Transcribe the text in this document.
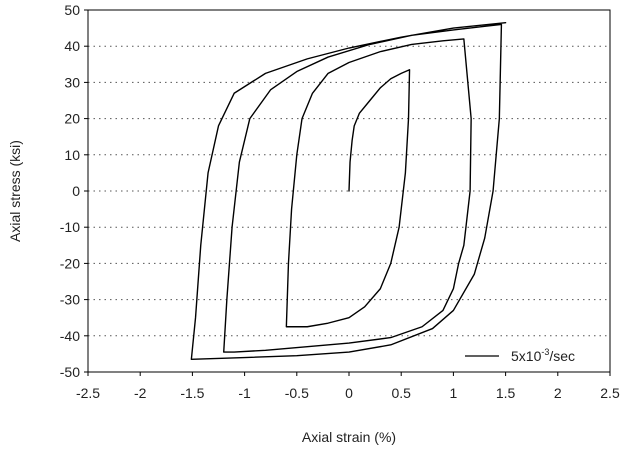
-50
-40
-30
-20
-10
0
10
20
30
40
50
-2.5 -2 -1.5 -1 -0.5	0	0.5	1	1.5	2	2.5
Axial strain (%)
Axial stress (ksi)
$5x10^{-3}/\sec$
